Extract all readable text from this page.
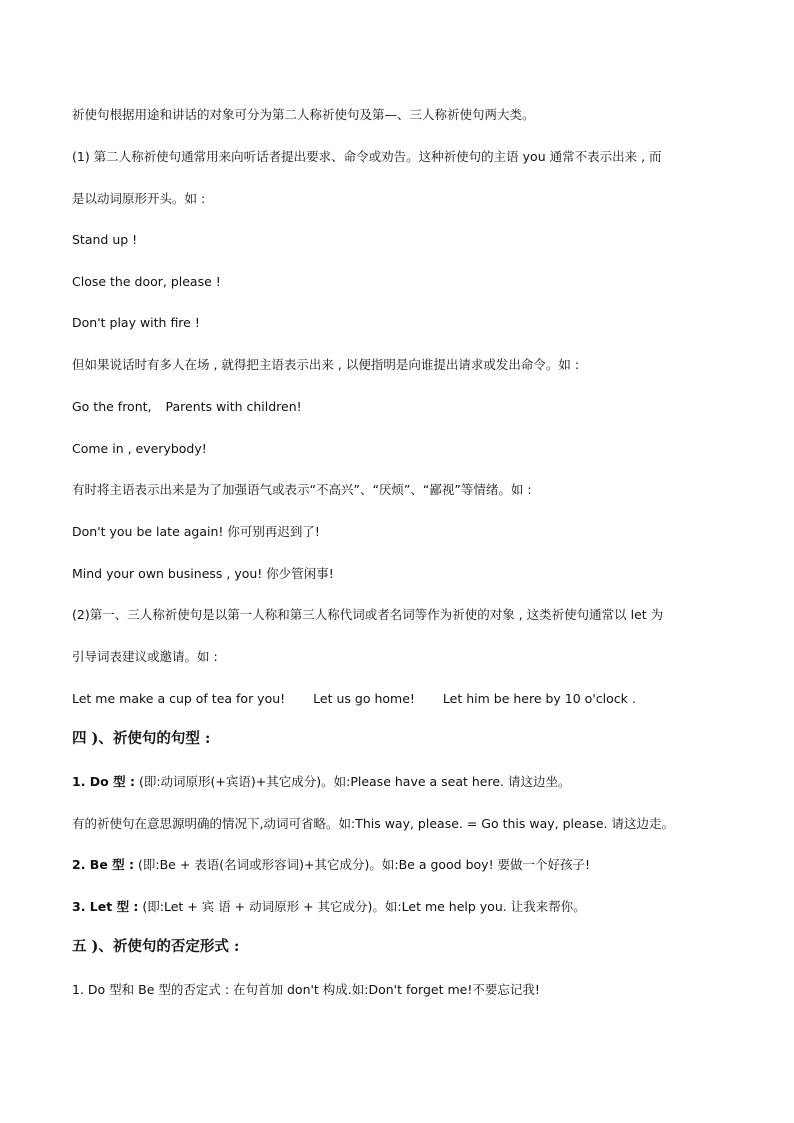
祈使句根据用途和讲话的对象可分为第二人称祈使句及第—、三人称祈使句两大类。
(1) 第二人称祈使句通常用来向听话者提出要求、命令或劝告。这种祈使句的主语 you 通常不表示出来 , 而
是以动词原形开头。如 :
Stand up !
Close the door, please !
Don't play with fire !
但如果说话时有多人在场 , 就得把主语表示出来 , 以便指明是向谁提出请求或发出命令。如 :
Go the front, Parents with children!
Come in , everybody!
有时将主语表示出来是为了加强语气或表示“不高兴”、“厌烦”、“鄙视”等情绪。如 :
Don't you be late again! 你可别再迟到了!
Mind your own business , you! 你少管闲事!
(2)第一、三人称祈使句是以第一人称和第三人称代词或者名词等作为祈使的对象 , 这类祈使句通常以 let 为
引导词表建议或邀请。如 :
Let me make a cup of tea for you! Let us go home! Let him be here by 10 o'clock .
四 )、祈使句的句型 :
1. Do 型 : (即:动词原形(+宾语)+其它成分)。如:Please have a seat here. 请这边坐。
有的祈使句在意思源明确的情况下,动词可省略。如:This way, please. = Go this way, please. 请这边走。
2. Be 型 : (即:Be + 表语(名词或形容词)+其它成分)。如:Be a good boy! 要做一个好孩子!
3. Let 型 : (即:Let + 宾 语 + 动词原形 + 其它成分)。如:Let me help you. 让我来帮你。
五 )、祈使句的否定形式 :
1. Do 型和 Be 型的否定式 : 在句首加 don't 构成.如:Don't forget me!不要忘记我!
